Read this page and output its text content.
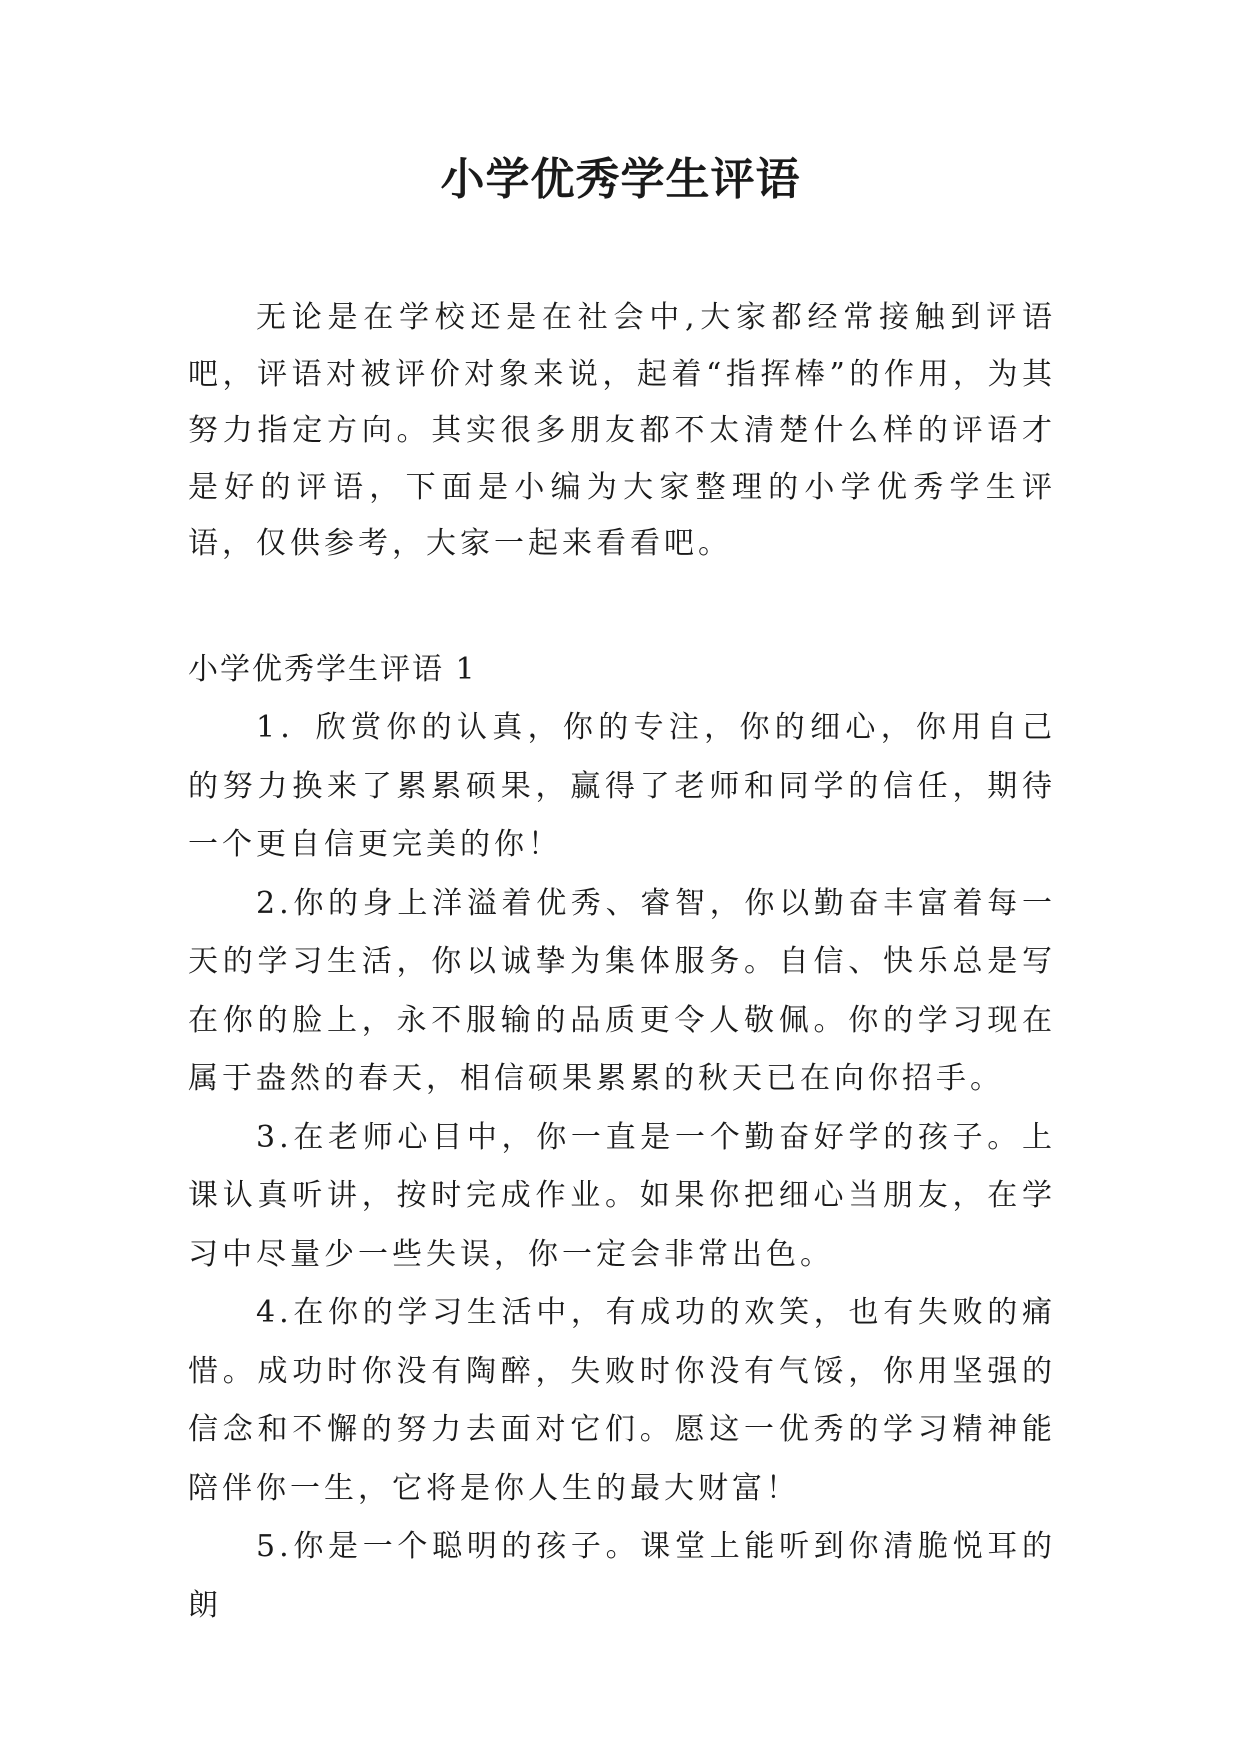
小学优秀学生评语

无论是在学校还是在社会中,大家都经常接触到评语吧，评语对被评价对象来说，起着“指挥棒”的作用，为其努力指定方向。其实很多朋友都不太清楚什么样的评语才是好的评语，下面是小编为大家整理的小学优秀学生评语，仅供参考，大家一起来看看吧。

小学优秀学生评语 1

1．欣赏你的认真，你的专注，你的细心，你用自己的努力换来了累累硕果，赢得了老师和同学的信任，期待一个更自信更完美的你！

2.你的身上洋溢着优秀、睿智，你以勤奋丰富着每一天的学习生活，你以诚挚为集体服务。自信、快乐总是写在你的脸上，永不服输的品质更令人敬佩。你的学习现在属于盎然的春天，相信硕果累累的秋天已在向你招手。

3.在老师心目中，你一直是一个勤奋好学的孩子。上课认真听讲，按时完成作业。如果你把细心当朋友，在学习中尽量少一些失误，你一定会非常出色。

4.在你的学习生活中，有成功的欢笑，也有失败的痛惜。成功时你没有陶醉，失败时你没有气馁，你用坚强的信念和不懈的努力去面对它们。愿这一优秀的学习精神能陪伴你一生，它将是你人生的最大财富！

5.你是一个聪明的孩子。课堂上能听到你清脆悦耳的朗
